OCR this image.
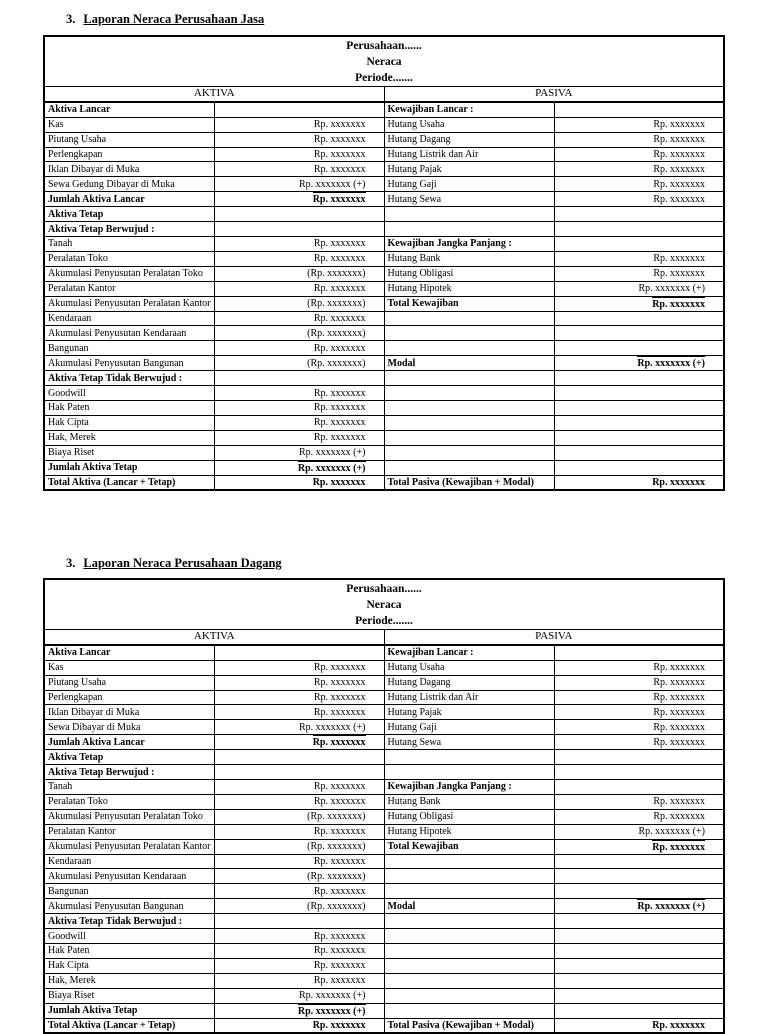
3. Laporan Neraca Perusahaan Jasa
Perusahaan......
Neraca
Periode.......			

AKTIVA		PASIVA	
Aktiva Lancar		Kewajiban Lancar :	
Kas	Rp. xxxxxxx	Hutang Usaha	Rp. xxxxxxx
Piutang Usaha	Rp. xxxxxxx	Hutang Dagang	Rp. xxxxxxx
Perlengkapan	Rp. xxxxxxx	Hutang Listrik dan Air	Rp. xxxxxxx
Iklan Dibayar di Muka	Rp. xxxxxxx	Hutang Pajak	Rp. xxxxxxx
Sewa Gedung Dibayar di Muka	Rp. xxxxxxx (+)	Hutang Gaji	Rp. xxxxxxx
Jumlah Aktiva Lancar	Rp. xxxxxxx	Hutang Sewa	Rp. xxxxxxx
Aktiva Tetap			
Aktiva Tetap Berwujud :			
Tanah	Rp. xxxxxxx	Kewajiban Jangka Panjang :	
Peralatan Toko	Rp. xxxxxxx	Hutang Bank	Rp. xxxxxxx
Akumulasi Penyusutan Peralatan Toko	(Rp. xxxxxxx)	Hutang Obligasi	Rp. xxxxxxx
Peralatan Kantor	Rp. xxxxxxx	Hutang Hipotek	Rp. xxxxxxx (+)
Akumulasi Penyusutan Peralatan Kantor	(Rp. xxxxxxx)	Total Kewajiban	Rp. xxxxxxx
Kendaraan	Rp. xxxxxxx		
Akumulasi Penyusutan Kendaraan	(Rp. xxxxxxx)		
Bangunan	Rp. xxxxxxx		
Akumulasi Penyusutan Bangunan	(Rp. xxxxxxx)	Modal	Rp. xxxxxxx (+)
Aktiva Tetap Tidak Berwujud :			
Goodwill	Rp. xxxxxxx		
Hak Paten	Rp. xxxxxxx		
Hak Cipta	Rp. xxxxxxx		
Hak, Merek	Rp. xxxxxxx		
Biaya Riset	Rp. xxxxxxx (+)		
Jumlah Aktiva Tetap	Rp. xxxxxxx (+)		
Total Aktiva (Lancar + Tetap)	Rp. xxxxxxx	Total Pasiva (Kewajiban + Modal)	Rp. xxxxxxx
3. Laporan Neraca Perusahaan Dagang
Perusahaan......
Neraca
Periode.......			

AKTIVA		PASIVA	
Aktiva Lancar		Kewajiban Lancar :	
Kas	Rp. xxxxxxx	Hutang Usaha	Rp. xxxxxxx
Piutang Usaha	Rp. xxxxxxx	Hutang Dagang	Rp. xxxxxxx
Perlengkapan	Rp. xxxxxxx	Hutang Listrik dan Air	Rp. xxxxxxx
Iklan Dibayar di Muka	Rp. xxxxxxx	Hutang Pajak	Rp. xxxxxxx
Sewa Dibayar di Muka	Rp. xxxxxxx (+)	Hutang Gaji	Rp. xxxxxxx
Jumlah Aktiva Lancar	Rp. xxxxxxx	Hutang Sewa	Rp. xxxxxxx
Aktiva Tetap			
Aktiva Tetap Berwujud :			
Tanah	Rp. xxxxxxx	Kewajiban Jangka Panjang :	
Peralatan Toko	Rp. xxxxxxx	Hutang Bank	Rp. xxxxxxx
Akumulasi Penyusutan Peralatan Toko	(Rp. xxxxxxx)	Hutang Obligasi	Rp. xxxxxxx
Peralatan Kantor	Rp. xxxxxxx	Hutang Hipotek	Rp. xxxxxxx (+)
Akumulasi Penyusutan Peralatan Kantor	(Rp. xxxxxxx)	Total Kewajiban	Rp. xxxxxxx
Kendaraan	Rp. xxxxxxx		
Akumulasi Penyusutan Kendaraan	(Rp. xxxxxxx)		
Bangunan	Rp. xxxxxxx		
Akumulasi Penyusutan Bangunan	(Rp. xxxxxxx)	Modal	Rp. xxxxxxx (+)
Aktiva Tetap Tidak Berwujud :			
Goodwill	Rp. xxxxxxx		
Hak Paten	Rp. xxxxxxx		
Hak Cipta	Rp. xxxxxxx		
Hak, Merek	Rp. xxxxxxx		
Biaya Riset	Rp. xxxxxxx (+)		
Jumlah Aktiva Tetap	Rp. xxxxxxx (+)		
Total Aktiva (Lancar + Tetap)	Rp. xxxxxxx	Total Pasiva (Kewajiban + Modal)	Rp. xxxxxxx
